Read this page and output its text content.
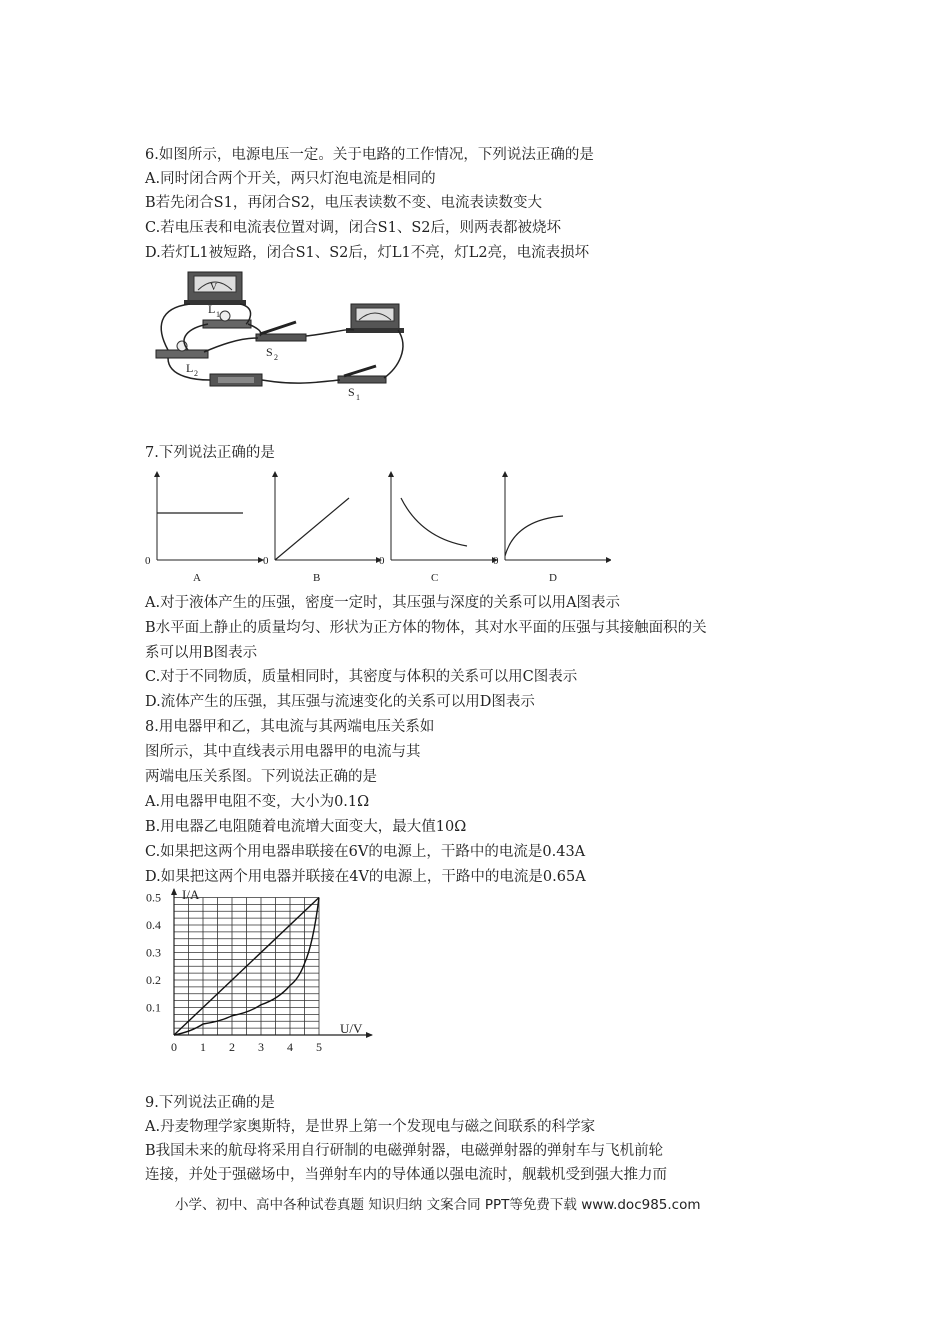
6.如图所示，电源电压一定。关于电路的工作情况，下列说法正确的是
A.同时闭合两个开关，两只灯泡电流是相同的
B若先闭合S1，再闭合S2，电压表读数不变、电流表读数变大
C.若电压表和电流表位置对调，闭合S1、S2后，则两表都被烧坏
D.若灯L1被短路，闭合S1、S2后，灯L1不亮，灯L2亮，电流表损坏
V
L 1
S 2
L 2
S 1
7.下列说法正确的是
0
A
0
B
0
C
0
D
A.对于液体产生的压强，密度一定时，其压强与深度的关系可以用A图表示
B水平面上静止的质量均匀、形状为正方体的物体，其对水平面的压强与其接触面积的关
系可以用B图表示
C.对于不同物质，质量相同时，其密度与体积的关系可以用C图表示
D.流体产生的压强，其压强与流速变化的关系可以用D图表示
8.用电器甲和乙，其电流与其两端电压关系如
图所示，其中直线表示用电器甲的电流与其
两端电压关系图。下列说法正确的是
A.用电器甲电阻不变，大小为0.1Ω
B.用电器乙电阻随着电流增大面变大，最大值10Ω
C.如果把这两个用电器串联接在6V的电源上，干路中的电流是0.43A
D.如果把这两个用电器并联接在4V的电源上，干路中的电流是0.65A
0 1 2 3 4 5
0.1
0.2
0.3
0.4
0.5 I/A
U/V
9.下列说法正确的是
A.丹麦物理学家奥斯特，是世界上第一个发现电与磁之间联系的科学家
B我国未来的航母将采用自行研制的电磁弹射器，电磁弹射器的弹射车与飞机前轮
连接，并处于强磁场中，当弹射车内的导体通以强电流时，舰载机受到强大推力而
小学、初中、高中各种试卷真题 知识归纳 文案合同 PPT等免费下载 www.doc985.com
